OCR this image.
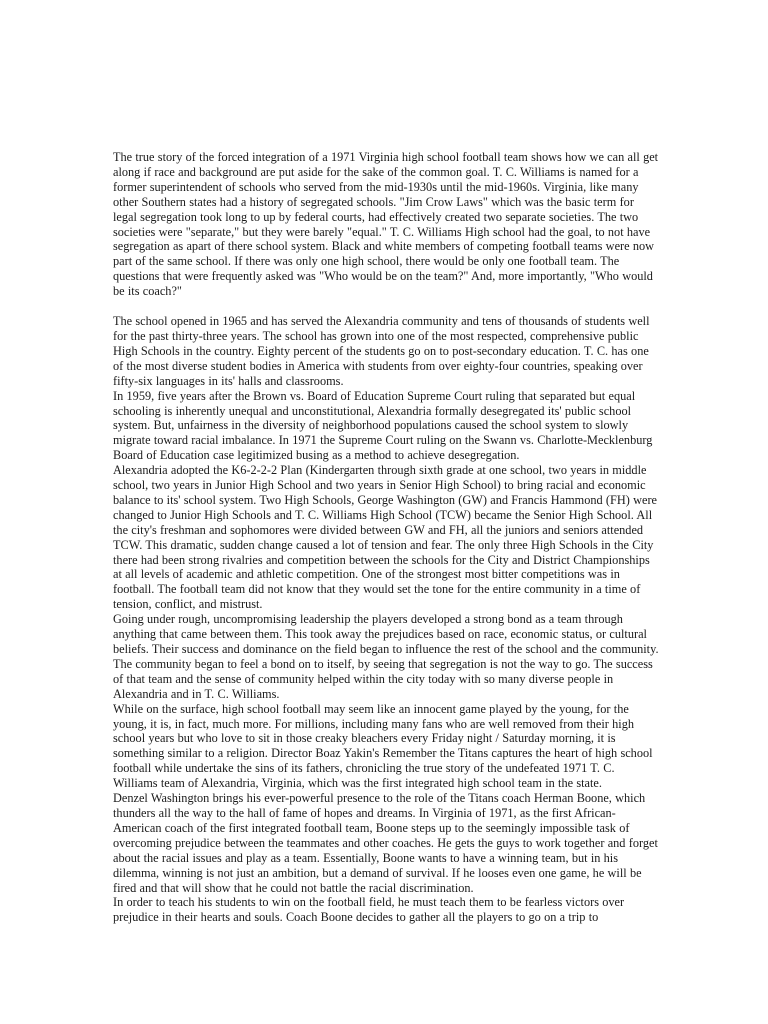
The true story of the forced integration of a 1971 Virginia high school football team shows how we can all get along if race and background are put aside for the sake of the common goal. T. C. Williams is named for a former superintendent of schools who served from the mid-1930s until the mid-1960s. Virginia, like many other Southern states had a history of segregated schools. "Jim Crow Laws" which was the basic term for legal segregation took long to up by federal courts, had effectively created two separate societies. The two societies were "separate," but they were barely "equal." T. C. Williams High school had the goal, to not have segregation as apart of there school system. Black and white members of competing football teams were now part of the same school. If there was only one high school, there would be only one football team. The questions that were frequently asked was "Who would be on the team?" And, more importantly, "Who would be its coach?"

The school opened in 1965 and has served the Alexandria community and tens of thousands of students well for the past thirty-three years. The school has grown into one of the most respected, comprehensive public High Schools in the country. Eighty percent of the students go on to post-secondary education. T. C. has one of the most diverse student bodies in America with students from over eighty-four countries, speaking over fifty-six languages in its' halls and classrooms.

In 1959, five years after the Brown vs. Board of Education Supreme Court ruling that separated but equal schooling is inherently unequal and unconstitutional, Alexandria formally desegregated its' public school system. But, unfairness in the diversity of neighborhood populations caused the school system to slowly migrate toward racial imbalance. In 1971 the Supreme Court ruling on the Swann vs. Charlotte-Mecklenburg Board of Education case legitimized busing as a method to achieve desegregation.

Alexandria adopted the K6-2-2-2 Plan (Kindergarten through sixth grade at one school, two years in middle school, two years in Junior High School and two years in Senior High School) to bring racial and economic balance to its' school system. Two High Schools, George Washington (GW) and Francis Hammond (FH) were changed to Junior High Schools and T. C. Williams High School (TCW) became the Senior High School. All the city's freshman and sophomores were divided between GW and FH, all the juniors and seniors attended TCW. This dramatic, sudden change caused a lot of tension and fear. The only three High Schools in the City there had been strong rivalries and competition between the schools for the City and District Championships at all levels of academic and athletic competition. One of the strongest most bitter competitions was in football. The football team did not know that they would set the tone for the entire community in a time of tension, conflict, and mistrust.

Going under rough, uncompromising leadership the players developed a strong bond as a team through anything that came between them. This took away the prejudices based on race, economic status, or cultural beliefs. Their success and dominance on the field began to influence the rest of the school and the community. The community began to feel a bond on to itself, by seeing that segregation is not the way to go. The success of that team and the sense of community helped within the city today with so many diverse people in Alexandria and in T. C. Williams.

While on the surface, high school football may seem like an innocent game played by the young, for the young, it is, in fact, much more. For millions, including many fans who are well removed from their high school years but who love to sit in those creaky bleachers every Friday night / Saturday morning, it is something similar to a religion. Director Boaz Yakin's Remember the Titans captures the heart of high school football while undertake the sins of its fathers, chronicling the true story of the undefeated 1971 T. C. Williams team of Alexandria, Virginia, which was the first integrated high school team in the state.

Denzel Washington brings his ever-powerful presence to the role of the Titans coach Herman Boone, which thunders all the way to the hall of fame of hopes and dreams. In Virginia of 1971, as the first African-American coach of the first integrated football team, Boone steps up to the seemingly impossible task of overcoming prejudice between the teammates and other coaches. He gets the guys to work together and forget about the racial issues and play as a team. Essentially, Boone wants to have a winning team, but in his dilemma, winning is not just an ambition, but a demand of survival. If he looses even one game, he will be fired and that will show that he could not battle the racial discrimination.

In order to teach his students to win on the football field, he must teach them to be fearless victors over prejudice in their hearts and souls. Coach Boone decides to gather all the players to go on a trip to
